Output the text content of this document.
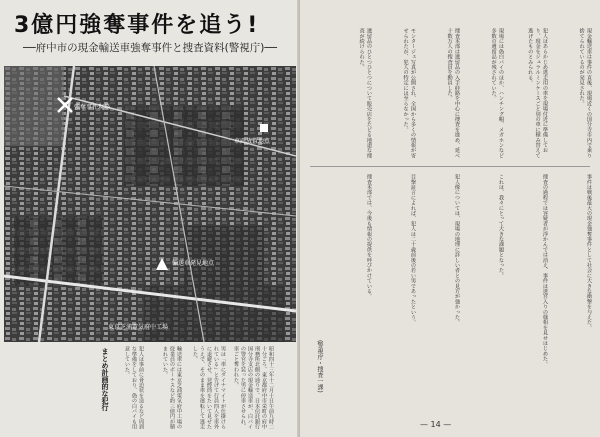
3億円強奪事件を追う!
──府中市の現金輸送車強奪事件と捜査資料(警視庁)──
強奪事件現場
車両放置地点
輸送車発見地点
東京芝浦電気府中工場
まとめ計画的な犯行	昭和四十三年十二月十日午前九時二十分ごろ、東京都府中市栄町の府中刑務所北側の通りで、日本信託銀行国分寺支店の現金輸送車が、白バイの警官を装った男に停車させられ、車ごと奪われた。
男は「車にダイナマイトが仕掛けられている」と告げて行員四人を車外に退避させ、発煙筒をたいて見せたうえで、そのまま車を運転して逃走した。
輸送車には東京芝浦電気府中工場の従業員のボーナスなど約三億円が積まれていた。
犯人は事前に脅迫状を送るなど周到な準備をしており、偽の白バイも用意していた。
現金輸送車は事件の直後、現場近くの国分寺市内で乗り捨てられているのが発見された。
犯人はあらかじめ逃走用の車を現場付近に準備しており、現金をジュラルミンケースごと別の車に積み替えて逃げたものとみられる。
現場には偽白バイのほか、ハンチング帽、メガホンなど多数の遺留品が残されていた。
捜査本部は遺留品の入手経路を中心に捜査を進め、延べ十数万人の捜査員を動員した。
モンタージュ写真が公開され、全国から多くの情報が寄せられたが、犯人の特定には至らなかった。
遺留品のひとつひとつについて販売店をたどる地道な捜査が続けられた。
事件は戦後最大の現金強奪事件として社会に大きな衝撃を与えた。
捜査の過程では容疑者が浮かんでは消え、事件は迷宮入りの様相を見せはじめた。
これは、我々にとって大きな課題となった。
犯人像については、現場の地理に詳しい者との見方が強かった。
目撃証言によれば、犯人は二十歳前後の若い男であったという。
捜査本部では、今後も情報の提供を呼びかけている。
(警視庁・捜査一課)
— 14 —
